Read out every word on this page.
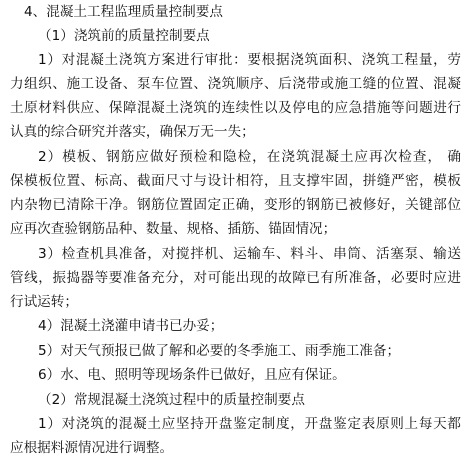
4、混凝土工程监理质量控制要点
（1）浇筑前的质量控制要点
1）对混凝土浇筑方案进行审批：要根据浇筑面积、浇筑工程量，劳
力组织、施工设备、泵车位置、浇筑顺序、后浇带或施工缝的位置、混凝
土原材料供应、保障混凝土浇筑的连续性以及停电的应急措施等问题进行
认真的综合研究并落实，确保万无一失；
2）模板、钢筋应做好预检和隐检，在浇筑混凝土应再次检查， 确
保模板位置、标高、截面尺寸与设计相符，且支撑牢固，拼缝严密，模板
内杂物已清除干净。钢筋位置固定正确，变形的钢筋已被修好，关键部位
应再次查验钢筋品种、数量、规格、插筋、锚固情况；
3）检查机具准备，对搅拌机、运输车、料斗、串筒、活塞泵、输送
管线，振捣器等要准备充分，对可能出现的故障已有所准备，必要时应进
行试运转；
4）混凝土浇灌申请书已办妥；
5）对天气预报已做了解和必要的冬季施工、雨季施工准备；
6）水、电、照明等现场条件已做好，且应有保证。
（2）常规混凝土浇筑过程中的质量控制要点
1）对浇筑的混凝土应坚持开盘鉴定制度，开盘鉴定表原则上每天都
应根据料源情况进行调整。
